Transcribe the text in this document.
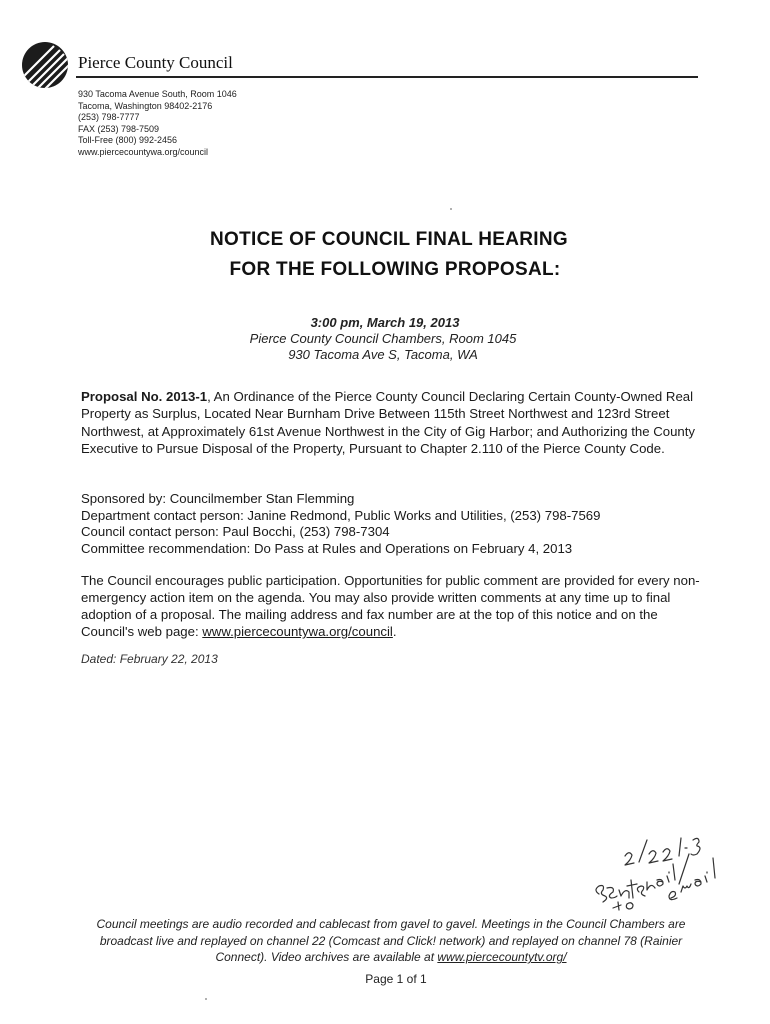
Pierce County Council
930 Tacoma Avenue South, Room 1046
Tacoma, Washington 98402-2176
(253) 798-7777
FAX (253) 798-7509
Toll-Free (800) 992-2456
www.piercecountywa.org/council
NOTICE OF COUNCIL FINAL HEARING
FOR THE FOLLOWING PROPOSAL:
3:00 pm, March 19, 2013
Pierce County Council Chambers, Room 1045
930 Tacoma Ave S, Tacoma, WA
Proposal No. 2013-1, An Ordinance of the Pierce County Council Declaring Certain County-Owned Real Property as Surplus, Located Near Burnham Drive Between 115th Street Northwest and 123rd Street Northwest, at Approximately 61st Avenue Northwest in the City of Gig Harbor; and Authorizing the County Executive to Pursue Disposal of the Property, Pursuant to Chapter 2.110 of the Pierce County Code.
Sponsored by: Councilmember Stan Flemming
Department contact person: Janine Redmond, Public Works and Utilities, (253) 798-7569
Council contact person: Paul Bocchi, (253) 798-7304
Committee recommendation: Do Pass at Rules and Operations on February 4, 2013
The Council encourages public participation. Opportunities for public comment are provided for every non-emergency action item on the agenda. You may also provide written comments at any time up to final adoption of a proposal. The mailing address and fax number are at the top of this notice and on the Council's web page: www.piercecountywa.org/council.
Dated: February 22, 2013
Council meetings are audio recorded and cablecast from gavel to gavel. Meetings in the Council Chambers are broadcast live and replayed on channel 22 (Comcast and Click! network) and replayed on channel 78 (Rainier Connect). Video archives are available at www.piercecountytv.org/
Page 1 of 1
